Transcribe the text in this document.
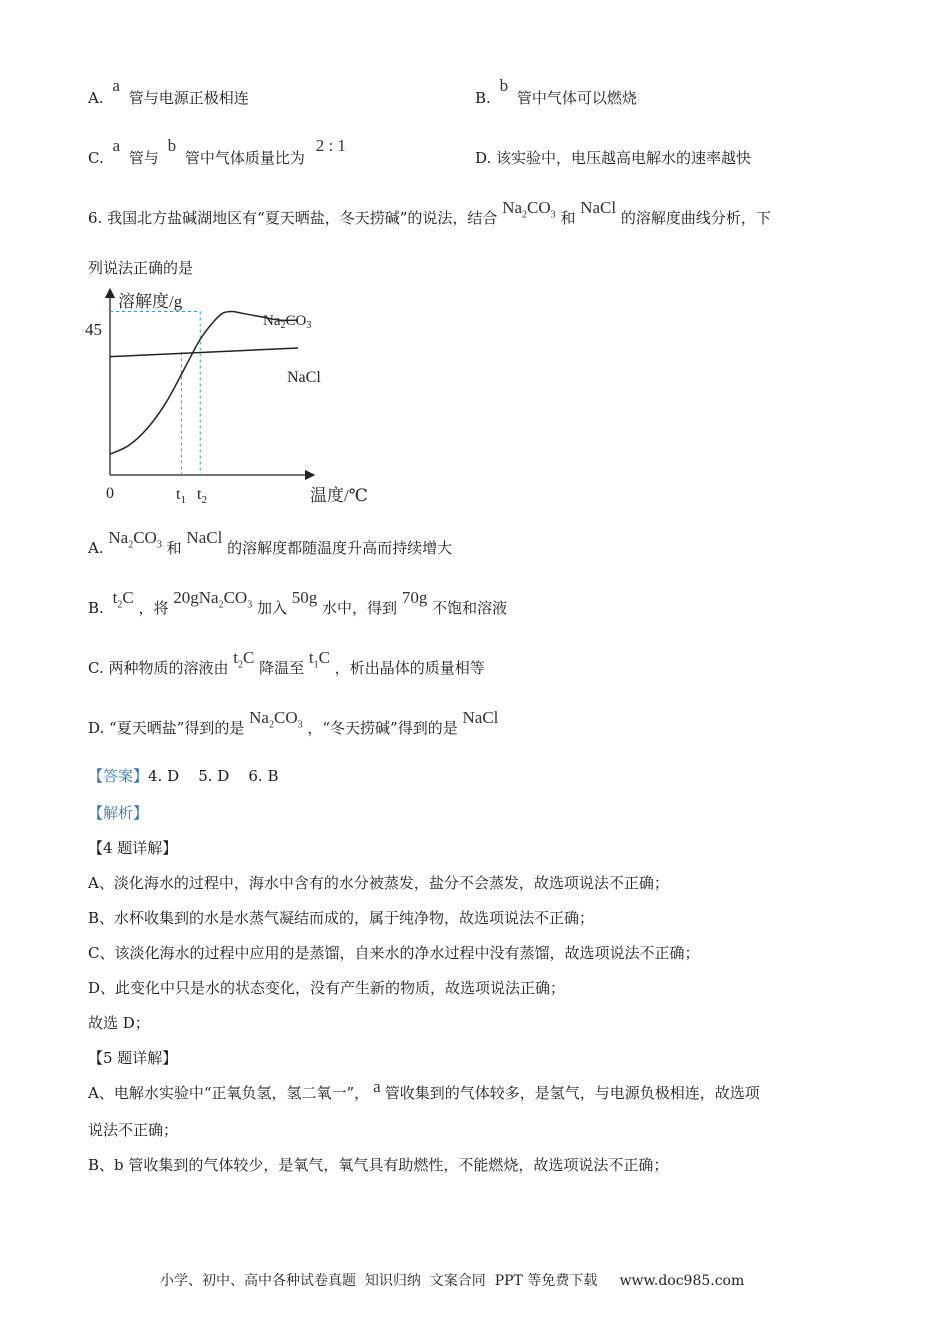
A. a 管与电源正极相连	B. b 管中气体可以燃烧
C. a 管与 b 管中气体质量比为 2 : 1
D. 该实验中，电压越高电解水的速率越快
6. 我国北方盐碱湖地区有“夏天晒盐，冬天捞碱”的说法，结合 $Na_2CO_3$ 和 NaCl 的溶解度曲线分析，下
列说法正确的是
溶解度/g
温度/℃
0
45
$t_1$ $t_2$
$Na_2CO_3$
NaCl
A. $Na_2CO_3$ 和 NaCl 的溶解度都随温度升高而持续增大
B. $t_2C$ ，将 $20gNa_2CO_3$ 加入 50g 水中，得到 70g 不饱和溶液
C. 两种物质的溶液由 $t_2C$ 降温至 $t_1C$ ，析出晶体的质量相等
D. “夏天晒盐”得到的是 $Na_2CO_3$ ，“冬天捞碱”得到的是 NaCl
【答案】4. D    5. D    6. B
【解析】
【4 题详解】
A、淡化海水的过程中，海水中含有的水分被蒸发，盐分不会蒸发，故选项说法不正确；
B、水杯收集到的水是水蒸气凝结而成的，属于纯净物，故选项说法不正确；
C、该淡化海水的过程中应用的是蒸馏，自来水的净水过程中没有蒸馏，故选项说法不正确；
D、此变化中只是水的状态变化，没有产生新的物质，故选项说法正确；
故选 D；
【5 题详解】
A、电解水实验中“正氧负氢，氢二氧一”， a 管收集到的气体较多，是氢气，与电源负极相连，故选项
说法不正确；
B、b 管收集到的气体较少，是氧气，氧气具有助燃性，不能燃烧，故选项说法不正确；
小学、初中、高中各种试卷真题  知识归纳  文案合同  PPT 等免费下载     www.doc985.com
